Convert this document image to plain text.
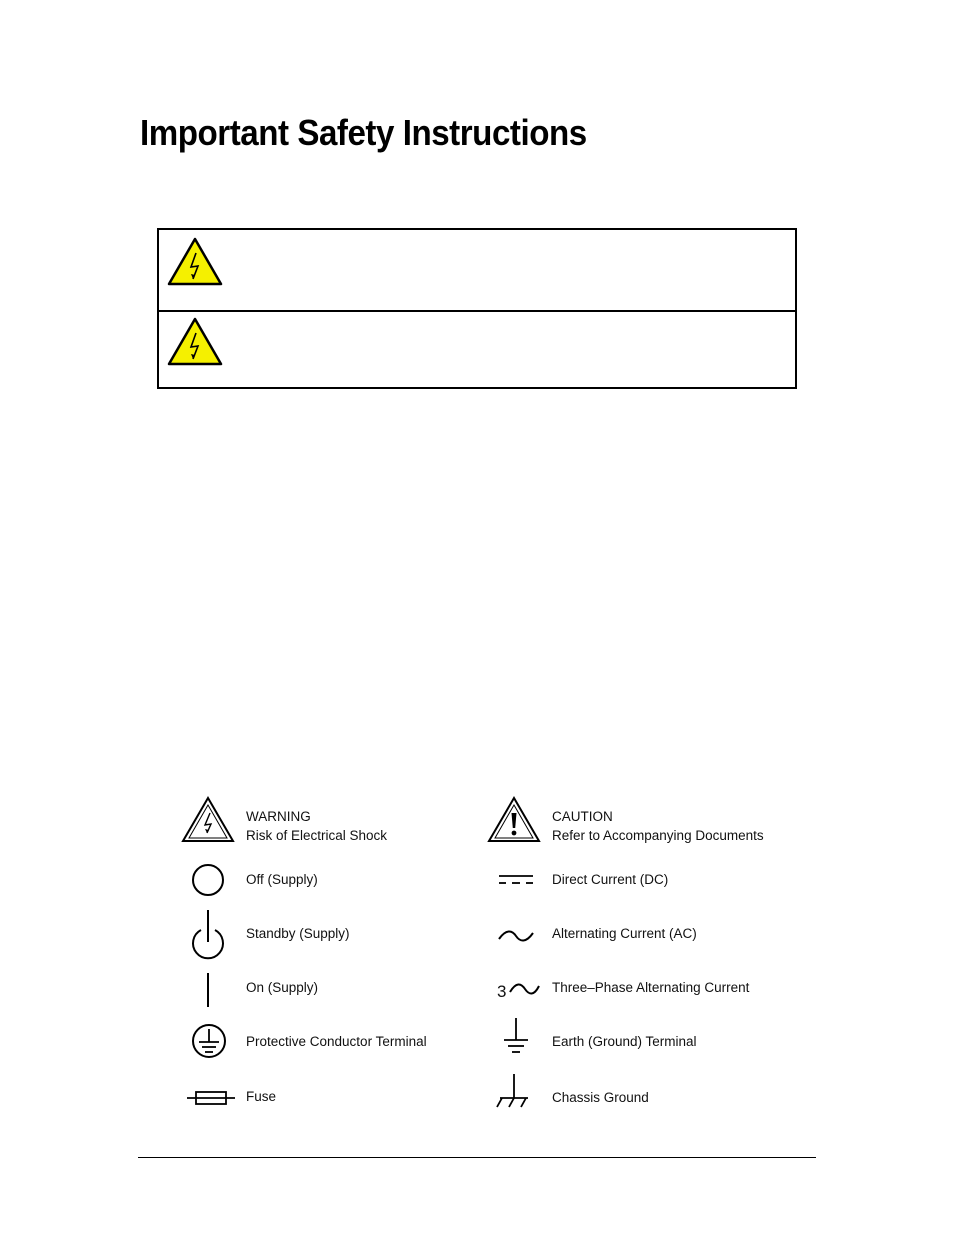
Important Safety Instructions
WARNING
Risk of Electrical Shock
Off (Supply)
Standby (Supply)
On (Supply)
Protective Conductor Terminal
Fuse
CAUTION
Refer to Accompanying Documents
Direct Current (DC)
Alternating Current (AC)
3	Three–Phase Alternating Current
Earth (Ground) Terminal
Chassis Ground
